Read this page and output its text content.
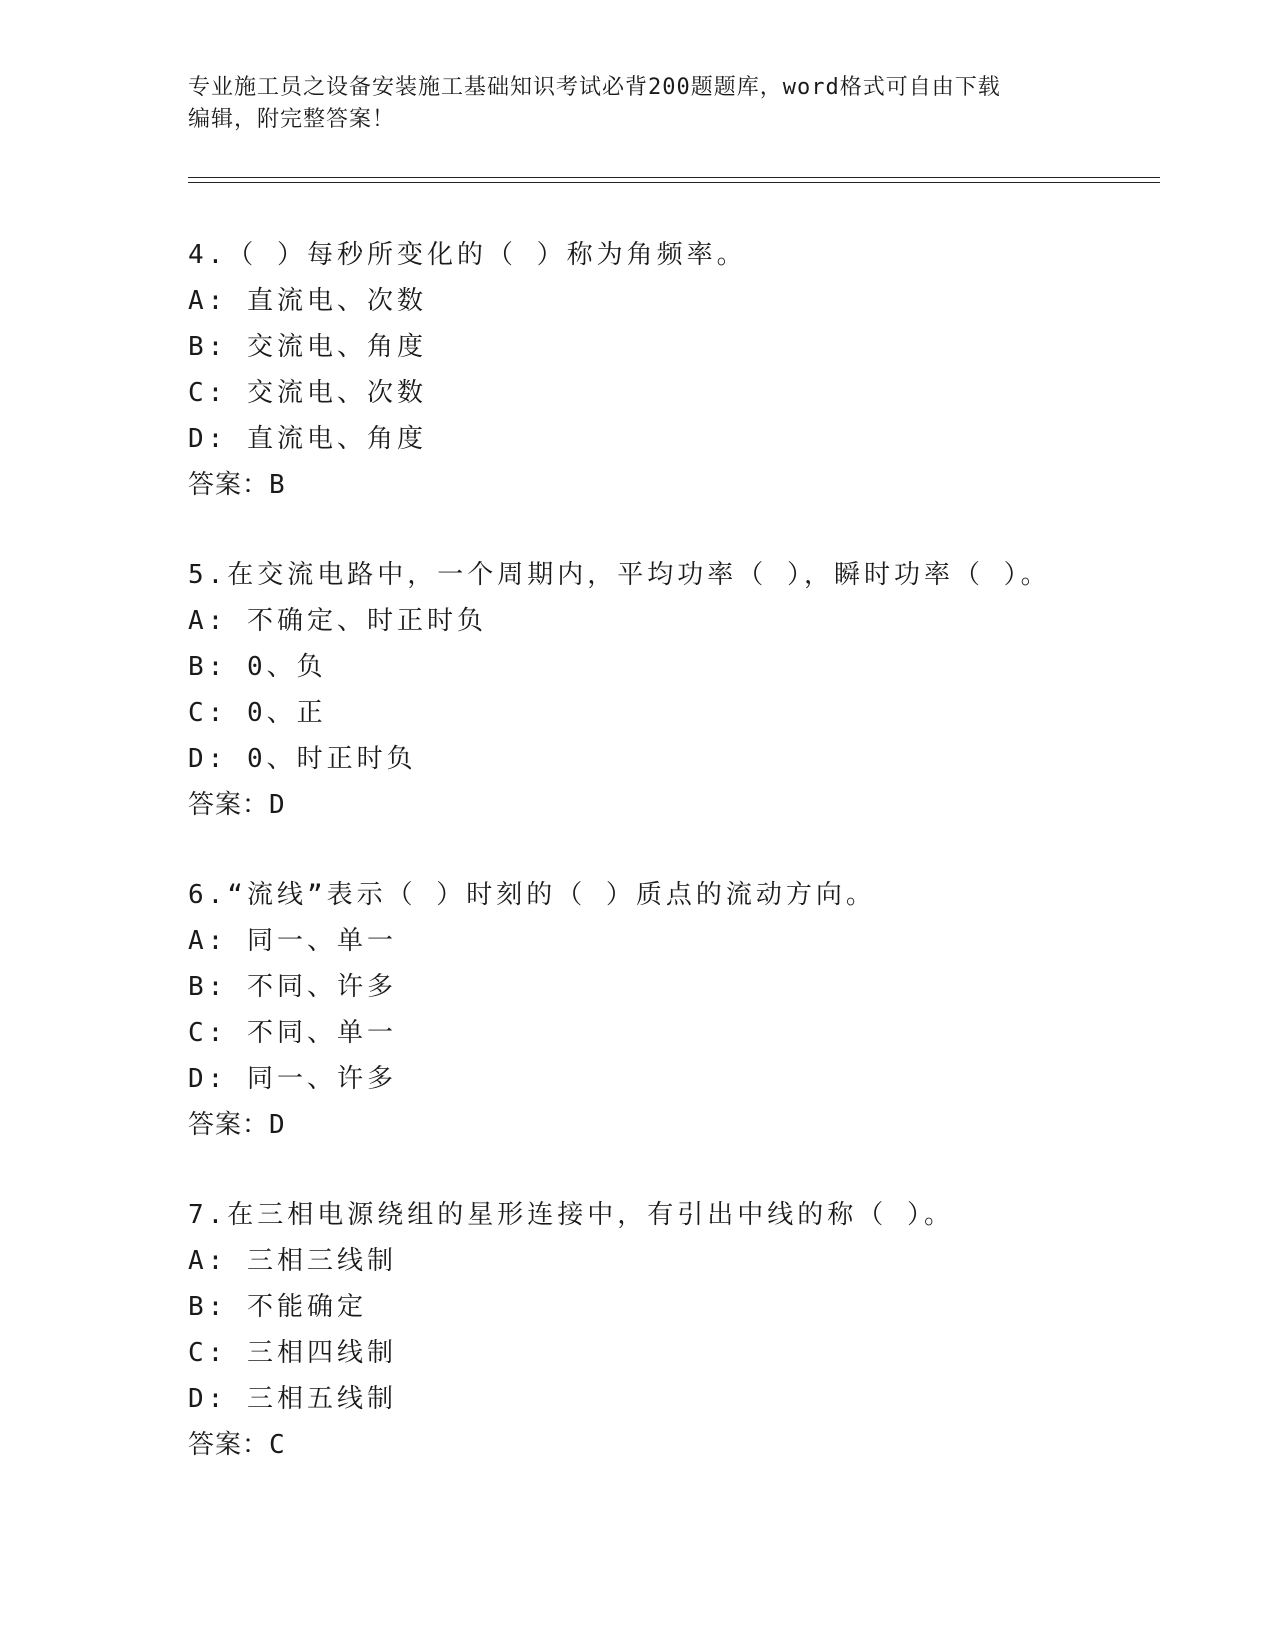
专业施工员之设备安装施工基础知识考试必背200题题库，word格式可自由下载
编辑，附完整答案！
4.（ ）每秒所变化的（ ）称为角频率。
A: 直流电、次数
B: 交流电、角度
C: 交流电、次数
D: 直流电、角度
答案：B
5.在交流电路中，一个周期内，平均功率（ ），瞬时功率（ ）。
A: 不确定、时正时负
B: 0、负
C: 0、正
D: 0、时正时负
答案：D
6.“流线”表示（ ）时刻的（ ）质点的流动方向。
A: 同一、单一
B: 不同、许多
C: 不同、单一
D: 同一、许多
答案：D
7.在三相电源绕组的星形连接中，有引出中线的称（ ）。
A: 三相三线制
B: 不能确定
C: 三相四线制
D: 三相五线制
答案：C
